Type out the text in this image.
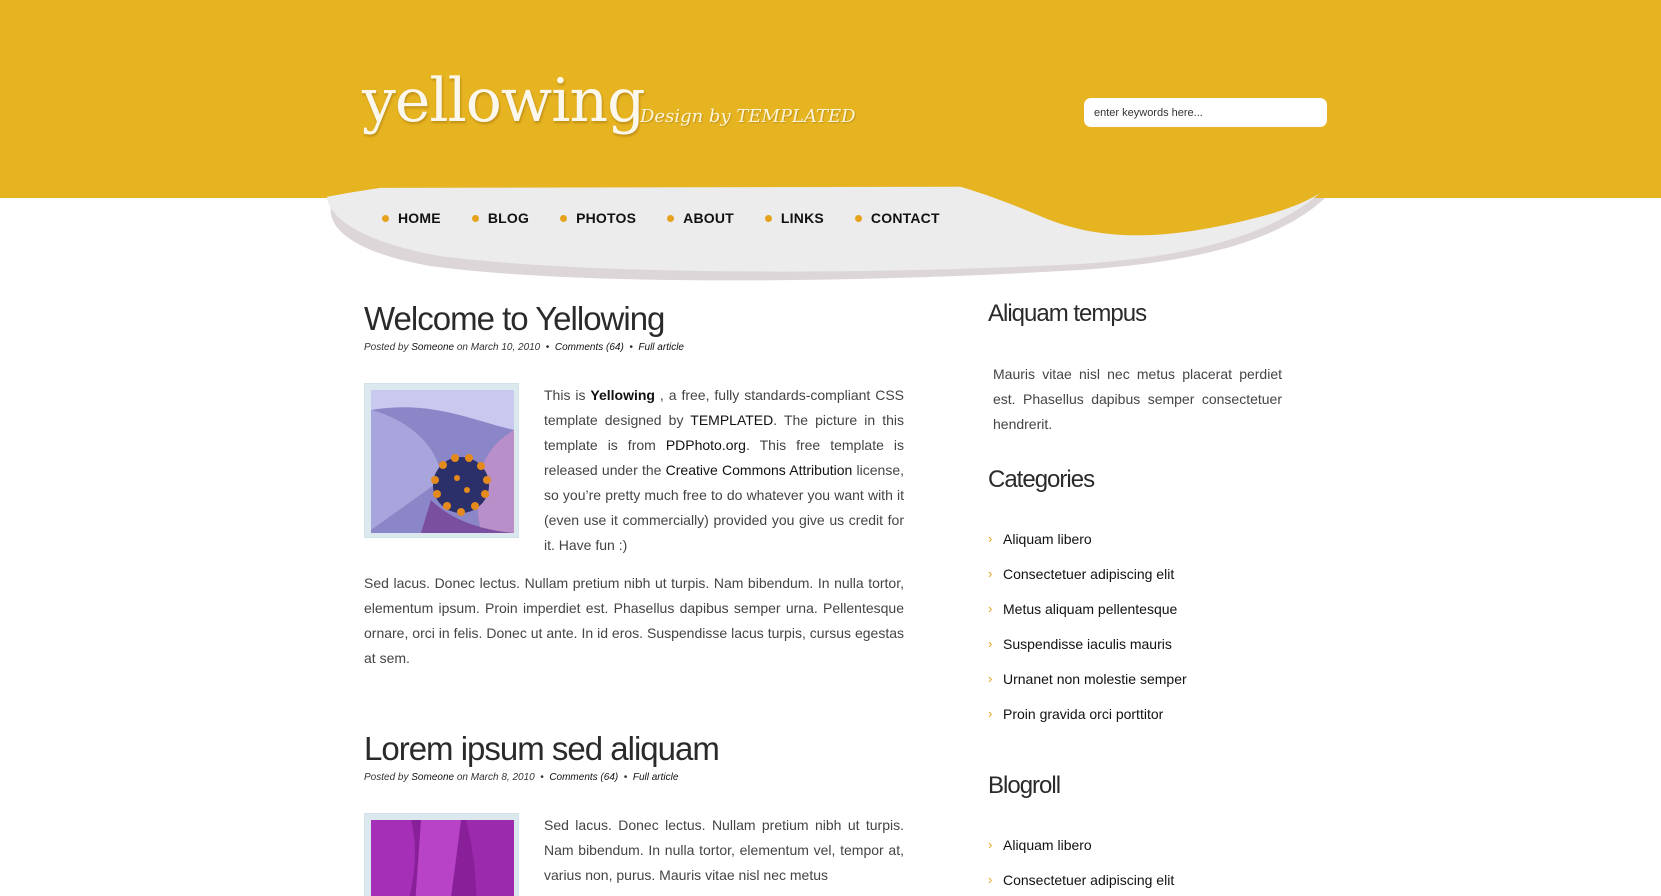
yellowing
Design by TEMPLATED
enter keywords here...
HOME	BLOG	PHOTOS	ABOUT	LINKS	CONTACT
Welcome to Yellowing
Posted by Someone on March 10, 2010  •  Comments (64)  •  Full article

This is Yellowing , a free, fully standards-compliant CSS template designed by TEMPLATED. The picture in this template is from PDPhoto.org. This free template is released under the Creative Commons Attribution license, so you’re pretty much free to do whatever you want with it (even use it commercially) provided you give us credit for it. Have fun :)

Sed lacus. Donec lectus. Nullam pretium nibh ut turpis. Nam bibendum. In nulla tortor, elementum ipsum. Proin imperdiet est. Phasellus dapibus semper urna. Pellentesque ornare, orci in felis. Donec ut ante. In id eros. Suspendisse lacus turpis, cursus egestas at sem.

Lorem ipsum sed aliquam
Posted by Someone on March 8, 2010  •  Comments (64)  •  Full article

Sed lacus. Donec lectus. Nullam pretium nibh ut turpis. Nam bibendum. In nulla tortor, elementum vel, tempor at, varius non, purus. Mauris vitae nisl nec metus

Aliquam tempus

Mauris vitae nisl nec metus placerat perdiet est. Phasellus dapibus semper consectetuer hendrerit.

Categories
› Aliquam libero
› Consectetuer adipiscing elit
› Metus aliquam pellentesque
› Suspendisse iaculis mauris
› Urnanet non molestie semper
› Proin gravida orci porttitor
Blogroll
› Aliquam libero
› Consectetuer adipiscing elit
